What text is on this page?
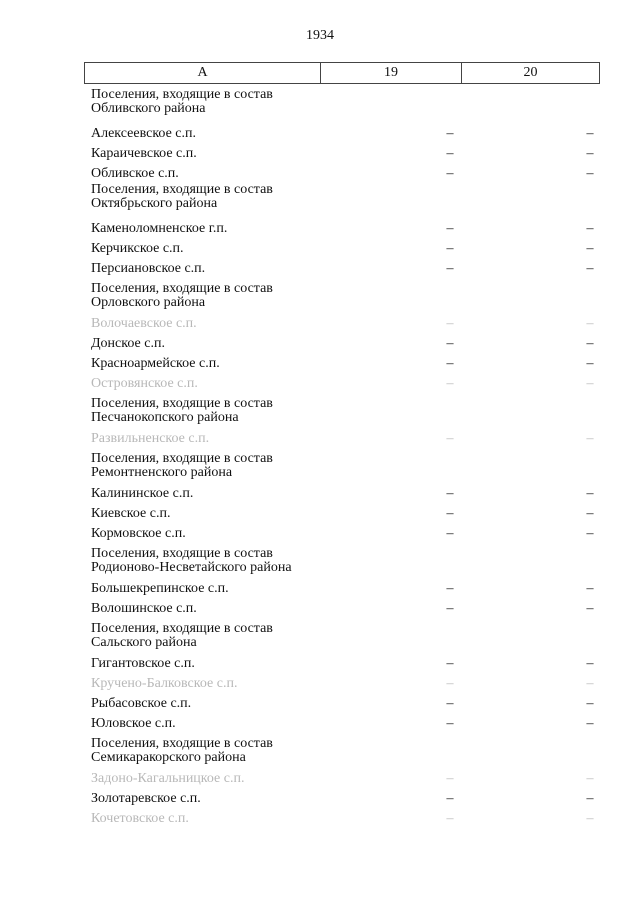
1934
А	19	20
Поселения, входящие в состав Обливского района
Алексеевское с.п.	–	–
Караичевское с.п.	–	–
Обливское с.п.	–	–
Поселения, входящие в состав Октябрьского района
Каменоломненское г.п.	–	–
Керчикское с.п.	–	–
Персиановское с.п.	–	–
Поселения, входящие в состав Орловского района
Волочаевское с.п.	–	–
Донское с.п.	–	–
Красноармейское с.п.	–	–
Островянское с.п.	–	–
Поселения, входящие в состав Песчанокопского района
Развильненское с.п.	–	–
Поселения, входящие в состав Ремонтненского района
Калининское с.п.	–	–
Киевское с.п.	–	–
Кормовское с.п.	–	–
Поселения, входящие в состав Родионово-Несветайского района
Большекрепинское с.п.	–	–
Волошинское с.п.	–	–
Поселения, входящие в состав Сальского района
Гигантовское с.п.	–	–
Кручено-Балковское с.п.	–	–
Рыбасовское с.п.	–	–
Юловское с.п.	–	–
Поселения, входящие в состав Семикаракорского района
Задоно-Кагальницкое с.п.	–	–
Золотаревское с.п.	–	–
Кочетовское с.п.	–	–
